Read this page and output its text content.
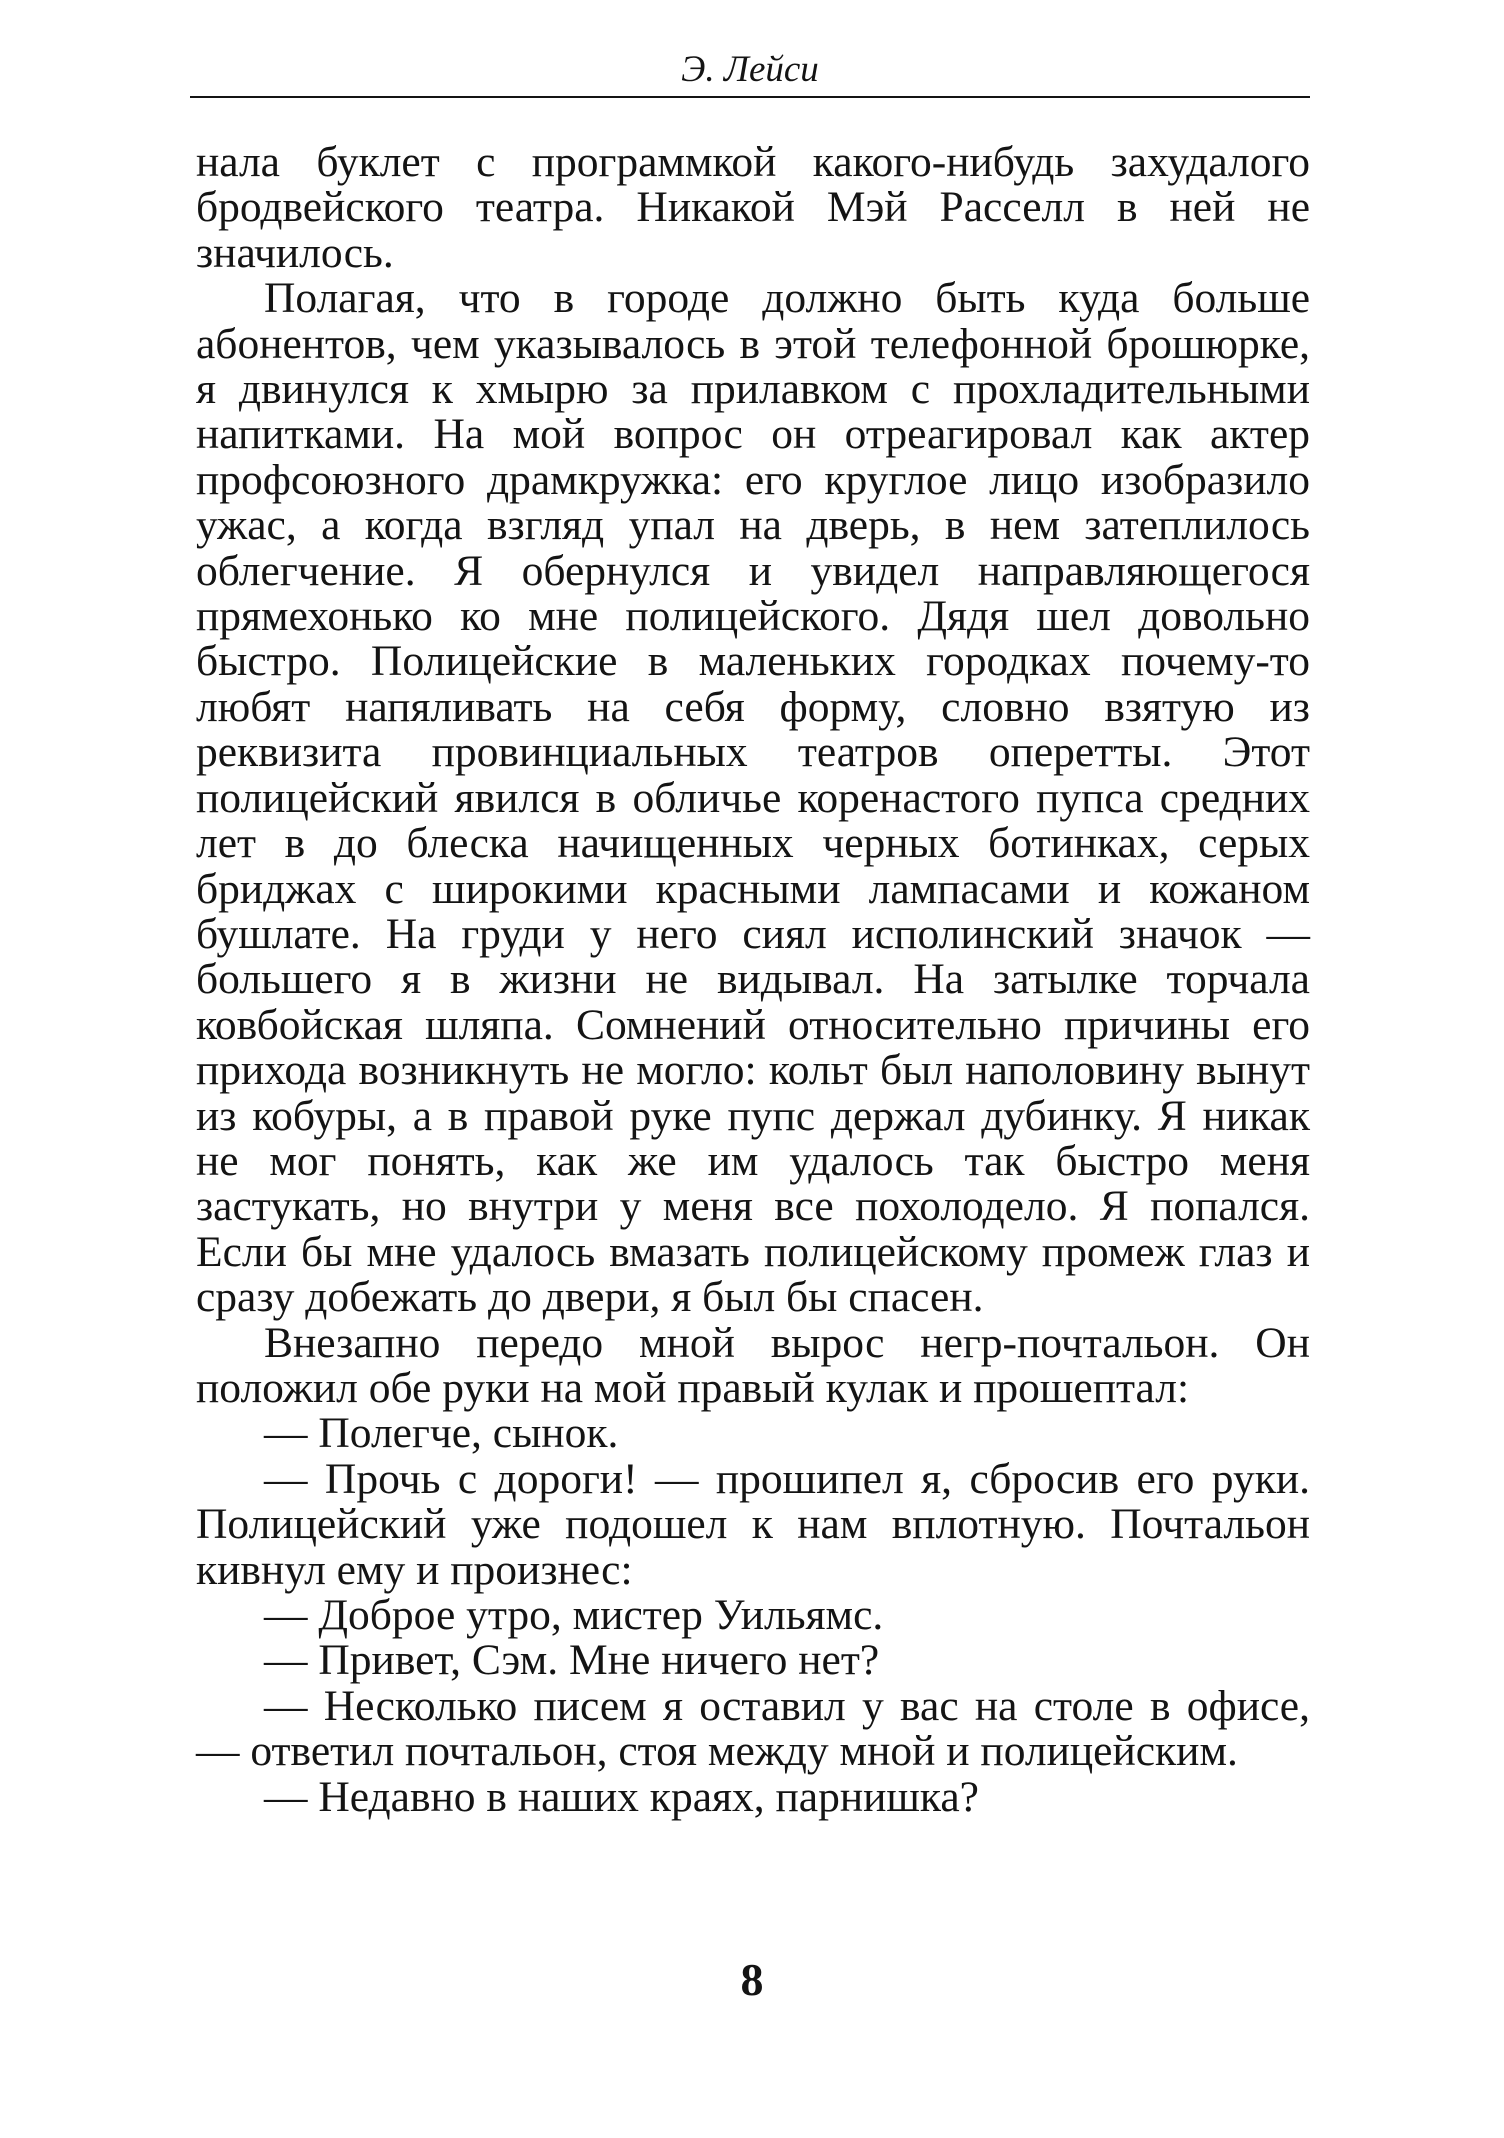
Э. Лейси

нала буклет с программкой какого-нибудь захудалого бродвейского театра. Никакой Мэй Расселл в ней не значилось.

Полагая, что в городе должно быть куда больше абонентов, чем указывалось в этой телефонной брошюрке, я двинулся к хмырю за прилавком с прохладительными напитками. На мой вопрос он отреагировал как актер профсоюзного драмкружка: его круглое лицо изобразило ужас, а когда взгляд упал на дверь, в нем затеплилось облегчение. Я обернулся и увидел направляющегося прямехонько ко мне полицейского. Дядя шел довольно быстро. Полицейские в маленьких городках почему-то любят напяливать на себя форму, словно взятую из реквизита провинциальных театров оперетты. Этот полицейский явился в обличье коренастого пупса средних лет в до блеска начищенных черных ботинках, серых бриджах с широкими красными лампасами и кожаном бушлате. На груди у него сиял исполинский значок — большего я в жизни не видывал. На затылке торчала ковбойская шляпа. Сомнений относительно причины его прихода возникнуть не могло: кольт был наполовину вынут из кобуры, а в правой руке пупс держал дубинку. Я никак не мог понять, как же им удалось так быстро меня застукать, но внутри у меня все похолодело. Я попался. Если бы мне удалось вмазать полицейскому промеж глаз и сразу добежать до двери, я был бы спасен.

Внезапно передо мной вырос негр-почтальон. Он положил обе руки на мой правый кулак и прошептал:

— Полегче, сынок.

— Прочь с дороги! — прошипел я, сбросив его руки. Полицейский уже подошел к нам вплотную. Почтальон кивнул ему и произнес:

— Доброе утро, мистер Уильямс.

— Привет, Сэм. Мне ничего нет?

— Несколько писем я оставил у вас на столе в офисе, — ответил почтальон, стоя между мной и полицейским.

— Недавно в наших краях, парнишка?

8
